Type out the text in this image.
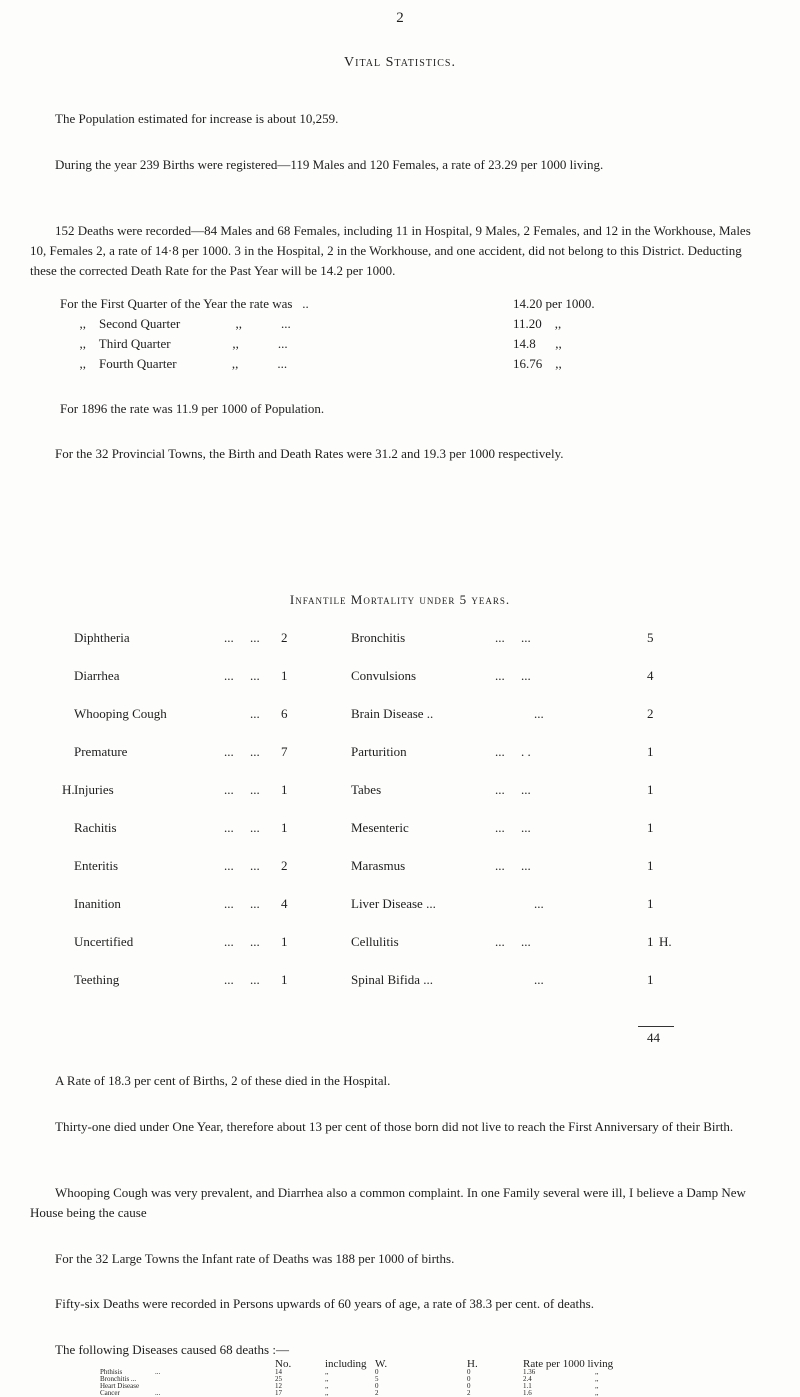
2
Vital Statistics.

The Population estimated for increase is about 10,259.

During the year 239 Births were registered—119 Males and 120 Females, a rate of 23.29 per 1000 living.

152 Deaths were recorded—84 Males and 68 Females, including 11 in Hospital, 9 Males, 2 Females, and 12 in the Workhouse, Males 10, Females 2, a rate of 14·8 per 1000. 3 in the Hospital, 2 in the Workhouse, and one accident, did not belong to this District. Deducting these the corrected Death Rate for the Past Year will be 14.2 per 1000.

For the First Quarter of the Year the rate was   ..	14.20 per 1000.
,,    Second Quarter                 ,,            ...	11.20    ,,
,,    Third Quarter                   ,,            ...	14.8      ,,
,,    Fourth Quarter                 ,,            ...	16.76    ,,

For 1896 the rate was 11.9 per 1000 of Population.

For the 32 Provincial Towns, the Birth and Death Rates were 31.2 and 19.3 per 1000 respectively.

Infantile Mortality under 5 years.
Diphtheria	...     ... 2	Bronchitis	...     ...	5
Diarrhea	...     ... 1	Convulsions	...     ...	4
Whooping Cough	... 6	Brain Disease ..	...	2
Premature	...     ... 7	Parturition	...     . .	1
H. Injuries	...     ... 1	Tabes	...     ...	1
Rachitis	...     ... 1	Mesenteric	...     ...	1
Enteritis	...     ... 2	Marasmus	...     ...	1
Inanition	...     ... 4	Liver Disease ...	...	1
Uncertified	...     ... 1	Cellulitis	...     ...	1 H.
Teething	...     ... 1	Spinal Bifida ...	...	1
44

A Rate of 18.3 per cent of Births, 2 of these died in the Hospital.

Thirty-one died under One Year, therefore about 13 per cent of those born did not live to reach the First Anniversary of their Birth.

Whooping Cough was very prevalent, and Diarrhea also a common complaint. In one Family several were ill, I believe a Damp New House being the cause

For the 32 Large Towns the Infant rate of Deaths was 188 per 1000 of births.

Fifty-six Deaths were recorded in Persons upwards of 60 years of age, a rate of 38.3 per cent. of deaths.

The following Diseases caused 68 deaths :—

No.	including W.	H.	Rate per 1000 living
Phthisis	...	14	,,	0	0	1.36	,,
Bronchitis ...	25	,,	5	0	2.4	,,
Heart Disease	12	,,	0	0	1.1	,,
Cancer	...	17	,,	2	2	1.6	,,
